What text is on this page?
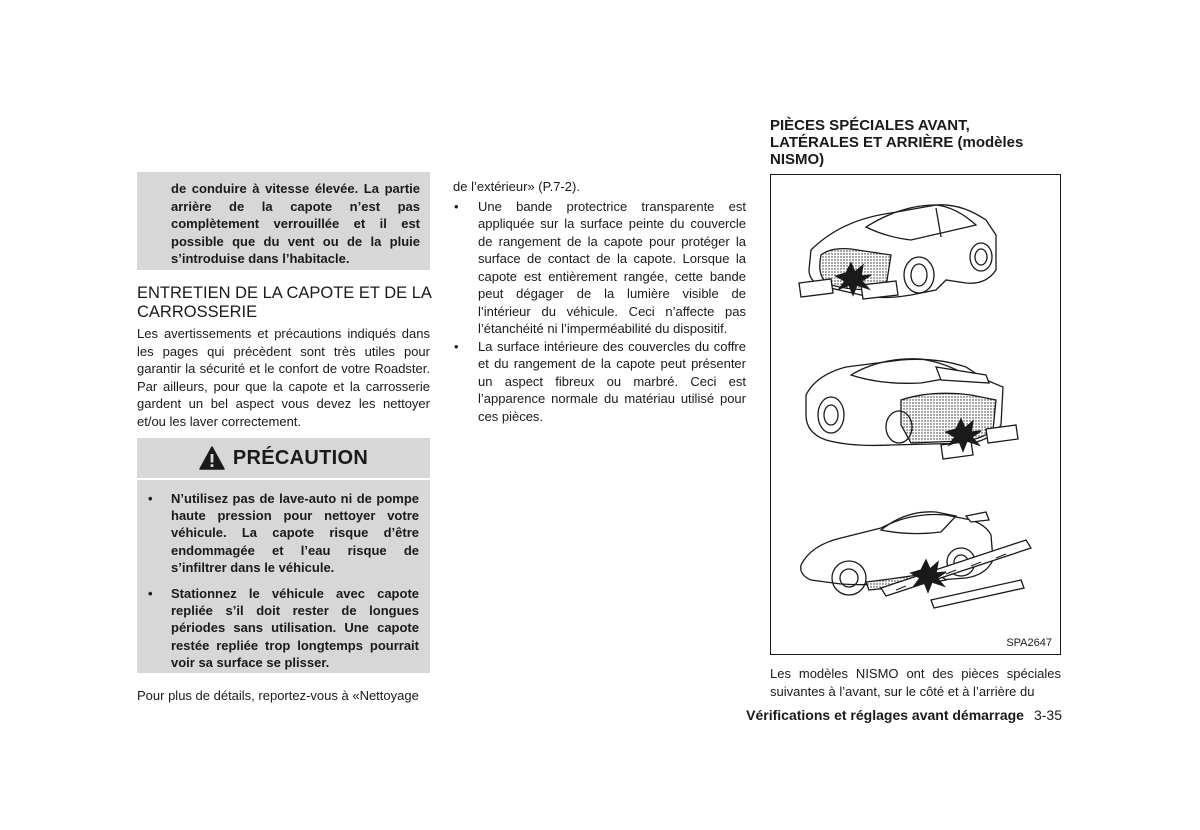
de conduire à vitesse élevée. La partie arrière de la capote n’est pas complètement verrouillée et il est possible que du vent ou de la pluie s’introduise dans l’habitacle.

ENTRETIEN DE LA CAPOTE ET DE LA CARROSSERIE

Les avertissements et précautions indiqués dans les pages qui précèdent sont très utiles pour garantir la sécurité et le confort de votre Roadster. Par ailleurs, pour que la capote et la carrosserie gardent un bel aspect vous devez les nettoyer et/ou les laver correctement.

PRÉCAUTION
• N’utilisez pas de lave-auto ni de pompe haute pression pour nettoyer votre véhicule. La capote risque d’être endommagée et l’eau risque de s’infiltrer dans le véhicule.
• Stationnez le véhicule avec capote repliée s’il doit rester de longues périodes sans utilisation. Une capote restée repliée trop longtemps pourrait voir sa surface se plisser.

Pour plus de détails, reportez-vous à «Nettoyage

de l’extérieur» (P.7-2).

• Une bande protectrice transparente est appliquée sur la surface peinte du couvercle de rangement de la capote pour protéger la surface de contact de la capote. Lorsque la capote est entièrement rangée, cette bande peut dégager de la lumière visible de l’intérieur du véhicule. Ceci n’affecte pas l’étanchéité ni l’imperméabilité du dispositif.
• La surface intérieure des couvercles du coffre et du rangement de la capote peut présenter un aspect fibreux ou marbré. Ceci est l’apparence normale du matériau utilisé pour ces pièces.
PIÈCES SPÉCIALES AVANT,
LATÉRALES ET ARRIÈRE (modèles
NISMO)
SPA2647

Les modèles NISMO ont des pièces spéciales suivantes à l’avant, sur le côté et à l’arrière du

Vérifications et réglages avant démarrage 3-35
